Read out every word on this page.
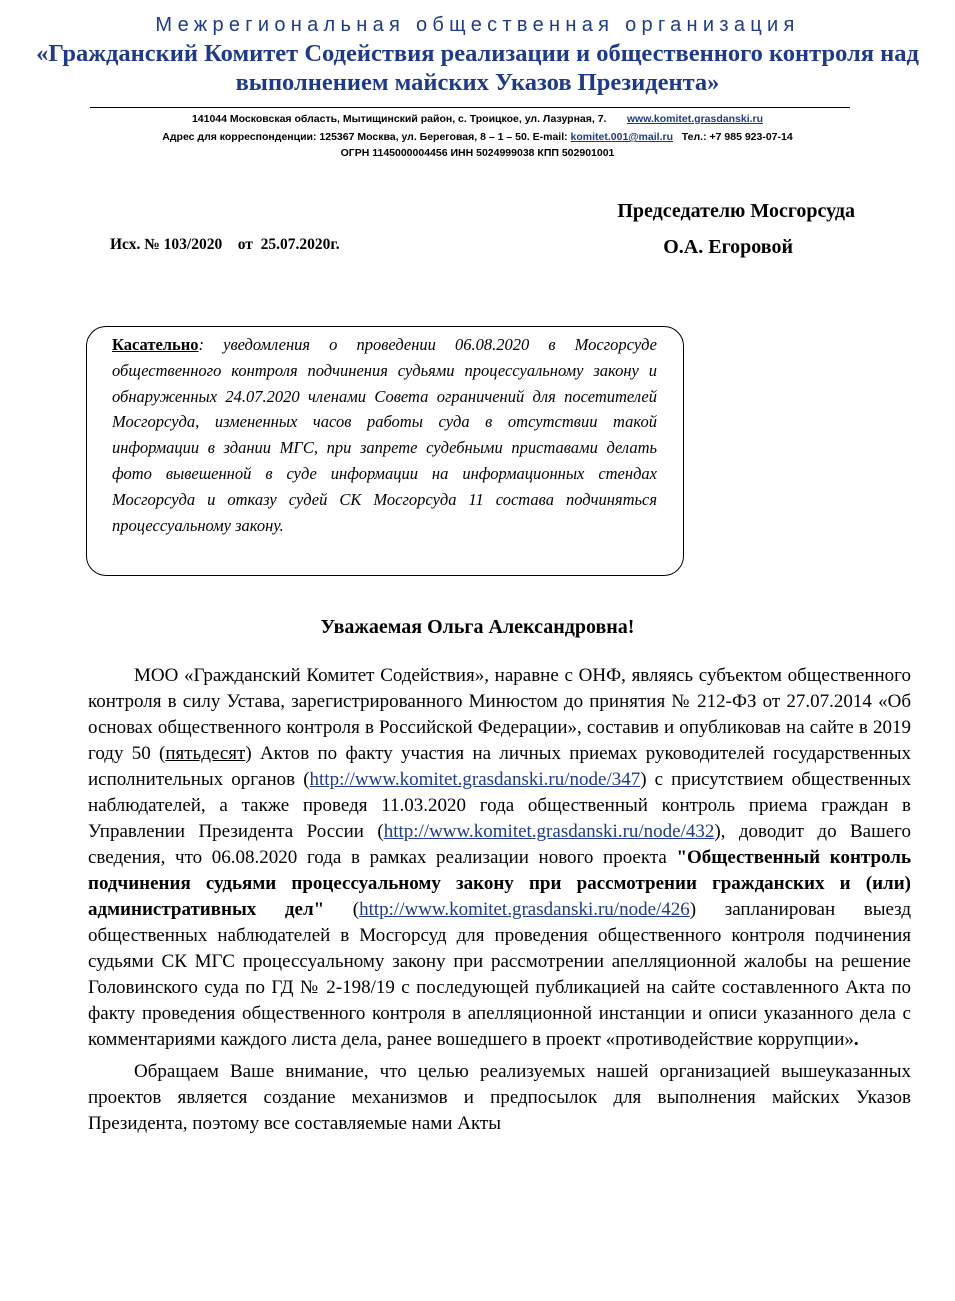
Межрегиональная общественная организация
«Гражданский Комитет Содействия реализации и общественного контроля над выполнением майских Указов Президента»
141044 Московская область, Мытищинский район, с. Троицкое, ул. Лазурная, 7. www.komitet.grasdanski.ru
Адрес для корреспонденции: 125367 Москва, ул. Береговая, 8 – 1 – 50. E-mail: komitet.001@mail.ru Тел.: +7 985 923-07-14
ОГРН 1145000004456 ИНН 5024999038 КПП 502901001
Председателю Мосгорсуда
О.А. Егоровой
Исх. № 103/2020    от  25.07.2020г.
Касательно: уведомления о проведении 06.08.2020 в Мосгорсуде общественного контроля подчинения судьями процессуальному закону и обнаруженных 24.07.2020 членами Совета ограничений для посетителей Мосгорсуда, измененных часов работы суда в отсутствии такой информации в здании МГС, при запрете судебными приставами делать фото вывешенной в суде информации на информационных стендах Мосгорсуда и отказу судей СК Мосгорсуда 11 состава подчиняться процессуальному закону.
Уважаемая Ольга Александровна!

МОО «Гражданский Комитет Содействия», наравне с ОНФ, являясь субъектом общественного контроля в силу Устава, зарегистрированного Минюстом до принятия № 212-ФЗ от 27.07.2014 «Об основах общественного контроля в Российской Федерации», составив и опубликовав на сайте в 2019 году 50 (пятьдесят) Актов по факту участия на личных приемах руководителей государственных исполнительных органов (http://www.komitet.grasdanski.ru/node/347) с присутствием общественных наблюдателей, а также проведя 11.03.2020 года общественный контроль приема граждан в Управлении Президента России (http://www.komitet.grasdanski.ru/node/432), доводит до Вашего сведения, что 06.08.2020 года в рамках реализации нового проекта "Общественный контроль подчинения судьями процессуальному закону при рассмотрении гражданских и (или) административных дел" (http://www.komitet.grasdanski.ru/node/426) запланирован выезд общественных наблюдателей в Мосгорсуд для проведения общественного контроля подчинения судьями СК МГС процессуальному закону при рассмотрении апелляционной жалобы на решение Головинского суда по ГД № 2-198/19 с последующей публикацией на сайте составленного Акта по факту проведения общественного контроля в апелляционной инстанции и описи указанного дела с комментариями каждого листа дела, ранее вошедшего в проект «противодействие коррупции».

Обращаем Ваше внимание, что целью реализуемых нашей организацией вышеуказанных проектов является создание механизмов и предпосылок для выполнения майских Указов Президента, поэтому все составляемые нами Акты
